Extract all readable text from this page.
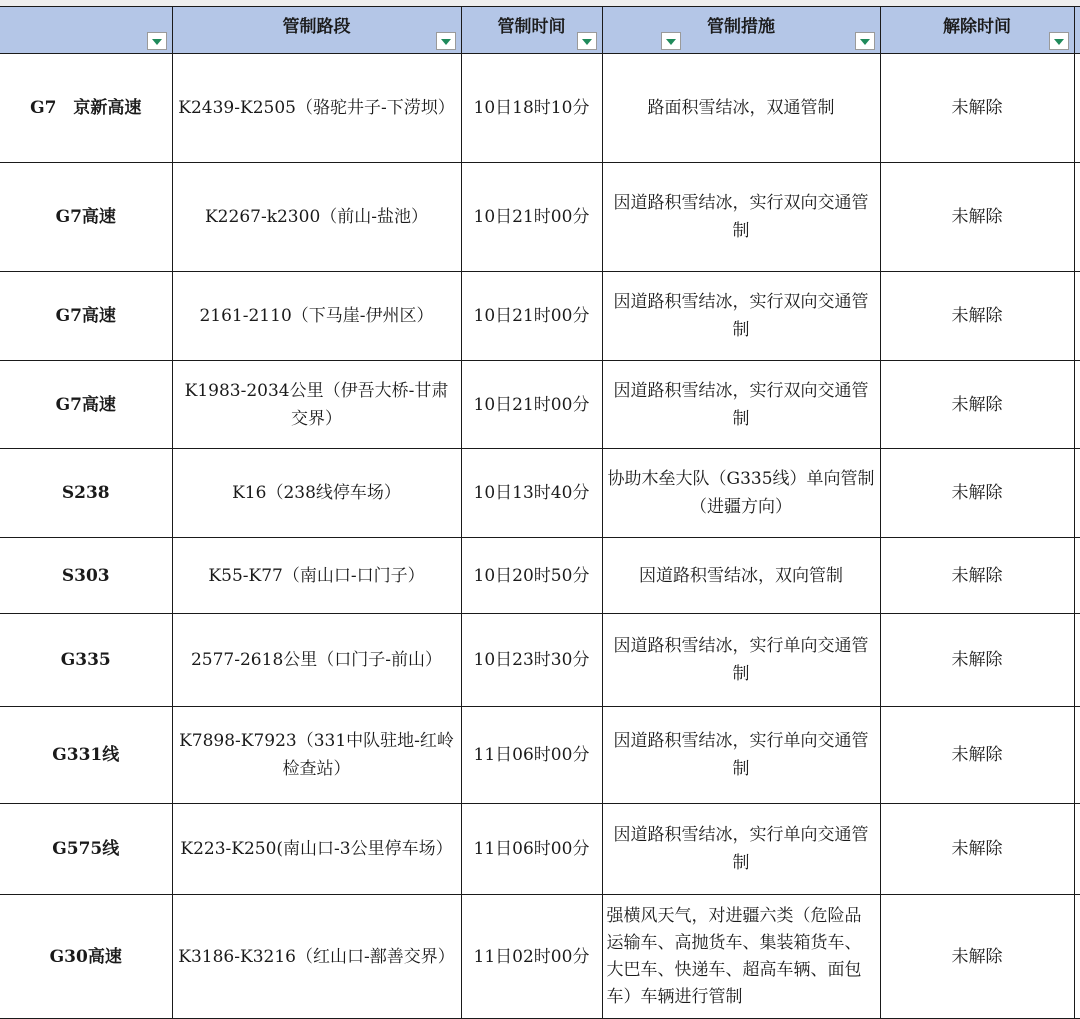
	管制路段	管制时间	管制措施	解除时间

G7　京新高速	K2439-K2505（骆驼井子-下涝坝）	10日18时10分	路面积雪结冰，双通管制	未解除	
G7高速	K2267-k2300（前山-盐池）	10日21时00分	因道路积雪结冰，实行双向交通管制	未解除	
G7高速	2161-2110（下马崖-伊州区）	10日21时00分	因道路积雪结冰，实行双向交通管制	未解除	
G7高速	K1983-2034公里（伊吾大桥-甘肃交界）	10日21时00分	因道路积雪结冰，实行双向交通管制	未解除	
S238	K16（238线停车场）	10日13时40分	协助木垒大队（G335线）单向管制（进疆方向）	未解除	
S303	K55-K77（南山口-口门子）	10日20时50分	因道路积雪结冰，双向管制	未解除	
G335	2577-2618公里（口门子-前山）	10日23时30分	因道路积雪结冰，实行单向交通管制	未解除	
G331线	K7898-K7923（331中队驻地-红岭检查站）	11日06时00分	因道路积雪结冰，实行单向交通管制	未解除	
G575线	K223-K250(南山口-3公里停车场）	11日06时00分	因道路积雪结冰，实行单向交通管制	未解除	
G30高速	K3186-K3216（红山口-鄯善交界）	11日02时00分	强横风天气，对进疆六类（危险品运输车、高抛货车、集装箱货车、大巴车、快递车、超高车辆、面包车）车辆进行管制	未解除	
